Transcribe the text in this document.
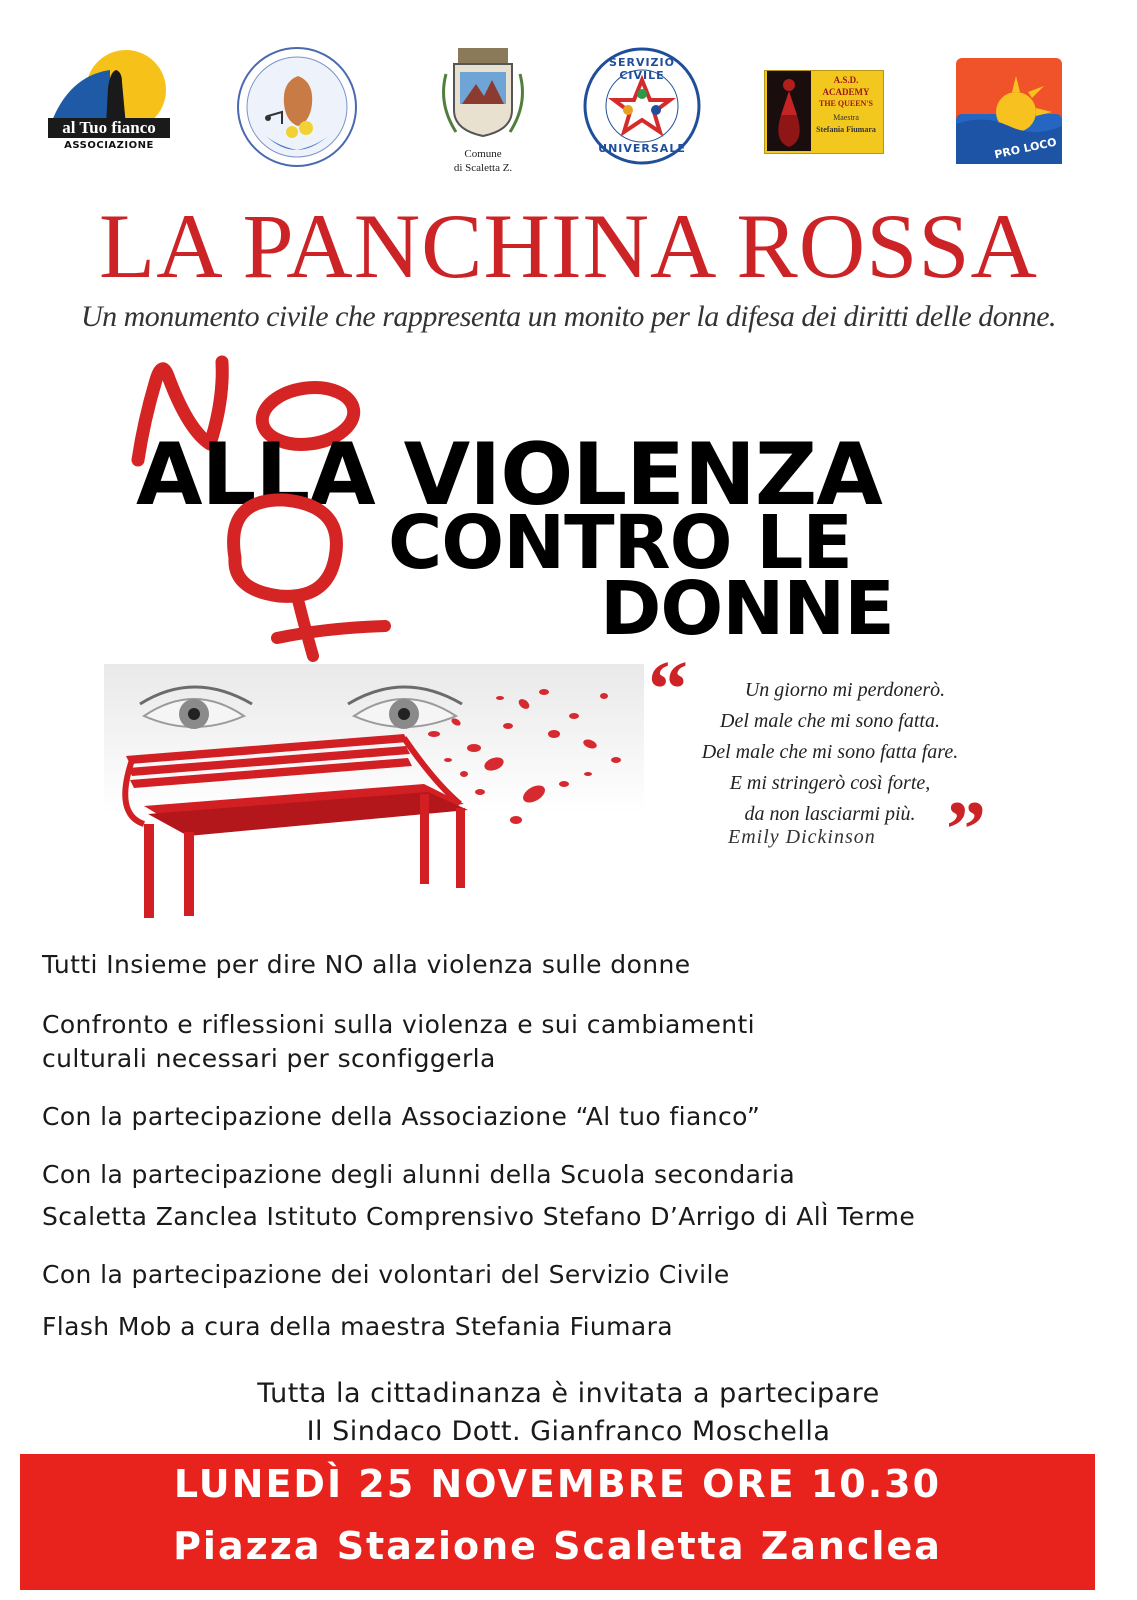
al Tuo fianco
ASSOCIAZIONE
Comune
di Scaletta Z.
SERVIZIO CIVILE
UNIVERSALE
A.S.D.
ACADEMY
THE QUEEN'S
Maestra
Stefania Fiumara
PRO LOCO
LA PANCHINA ROSSA
Un monumento civile che rappresenta un monito per la difesa dei diritti delle donne.
ALLA VIOLENZA
CONTRO LE
DONNE
“	Un giorno mi perdonerò.
Del male che mi sono fatta.
Del male che mi sono fatta fare.
E mi stringerò così forte,
da non lasciarmi più. ”
Emily Dickinson
Tutti Insieme per dire NO alla violenza sulle donne
Confronto e riflessioni sulla violenza e sui cambiamenti
culturali necessari per sconfiggerla
Con la partecipazione della Associazione “Al tuo fianco”
Con la partecipazione degli alunni della Scuola secondaria
Scaletta Zanclea Istituto Comprensivo Stefano D’Arrigo di AlÌ Terme
Con la partecipazione dei volontari del Servizio Civile
Flash Mob a cura della maestra Stefania Fiumara
Tutta la cittadinanza è invitata a partecipare
Il Sindaco Dott. Gianfranco Moschella
LUNEDÌ 25 NOVEMBRE ORE 10.30
Piazza Stazione Scaletta Zanclea
